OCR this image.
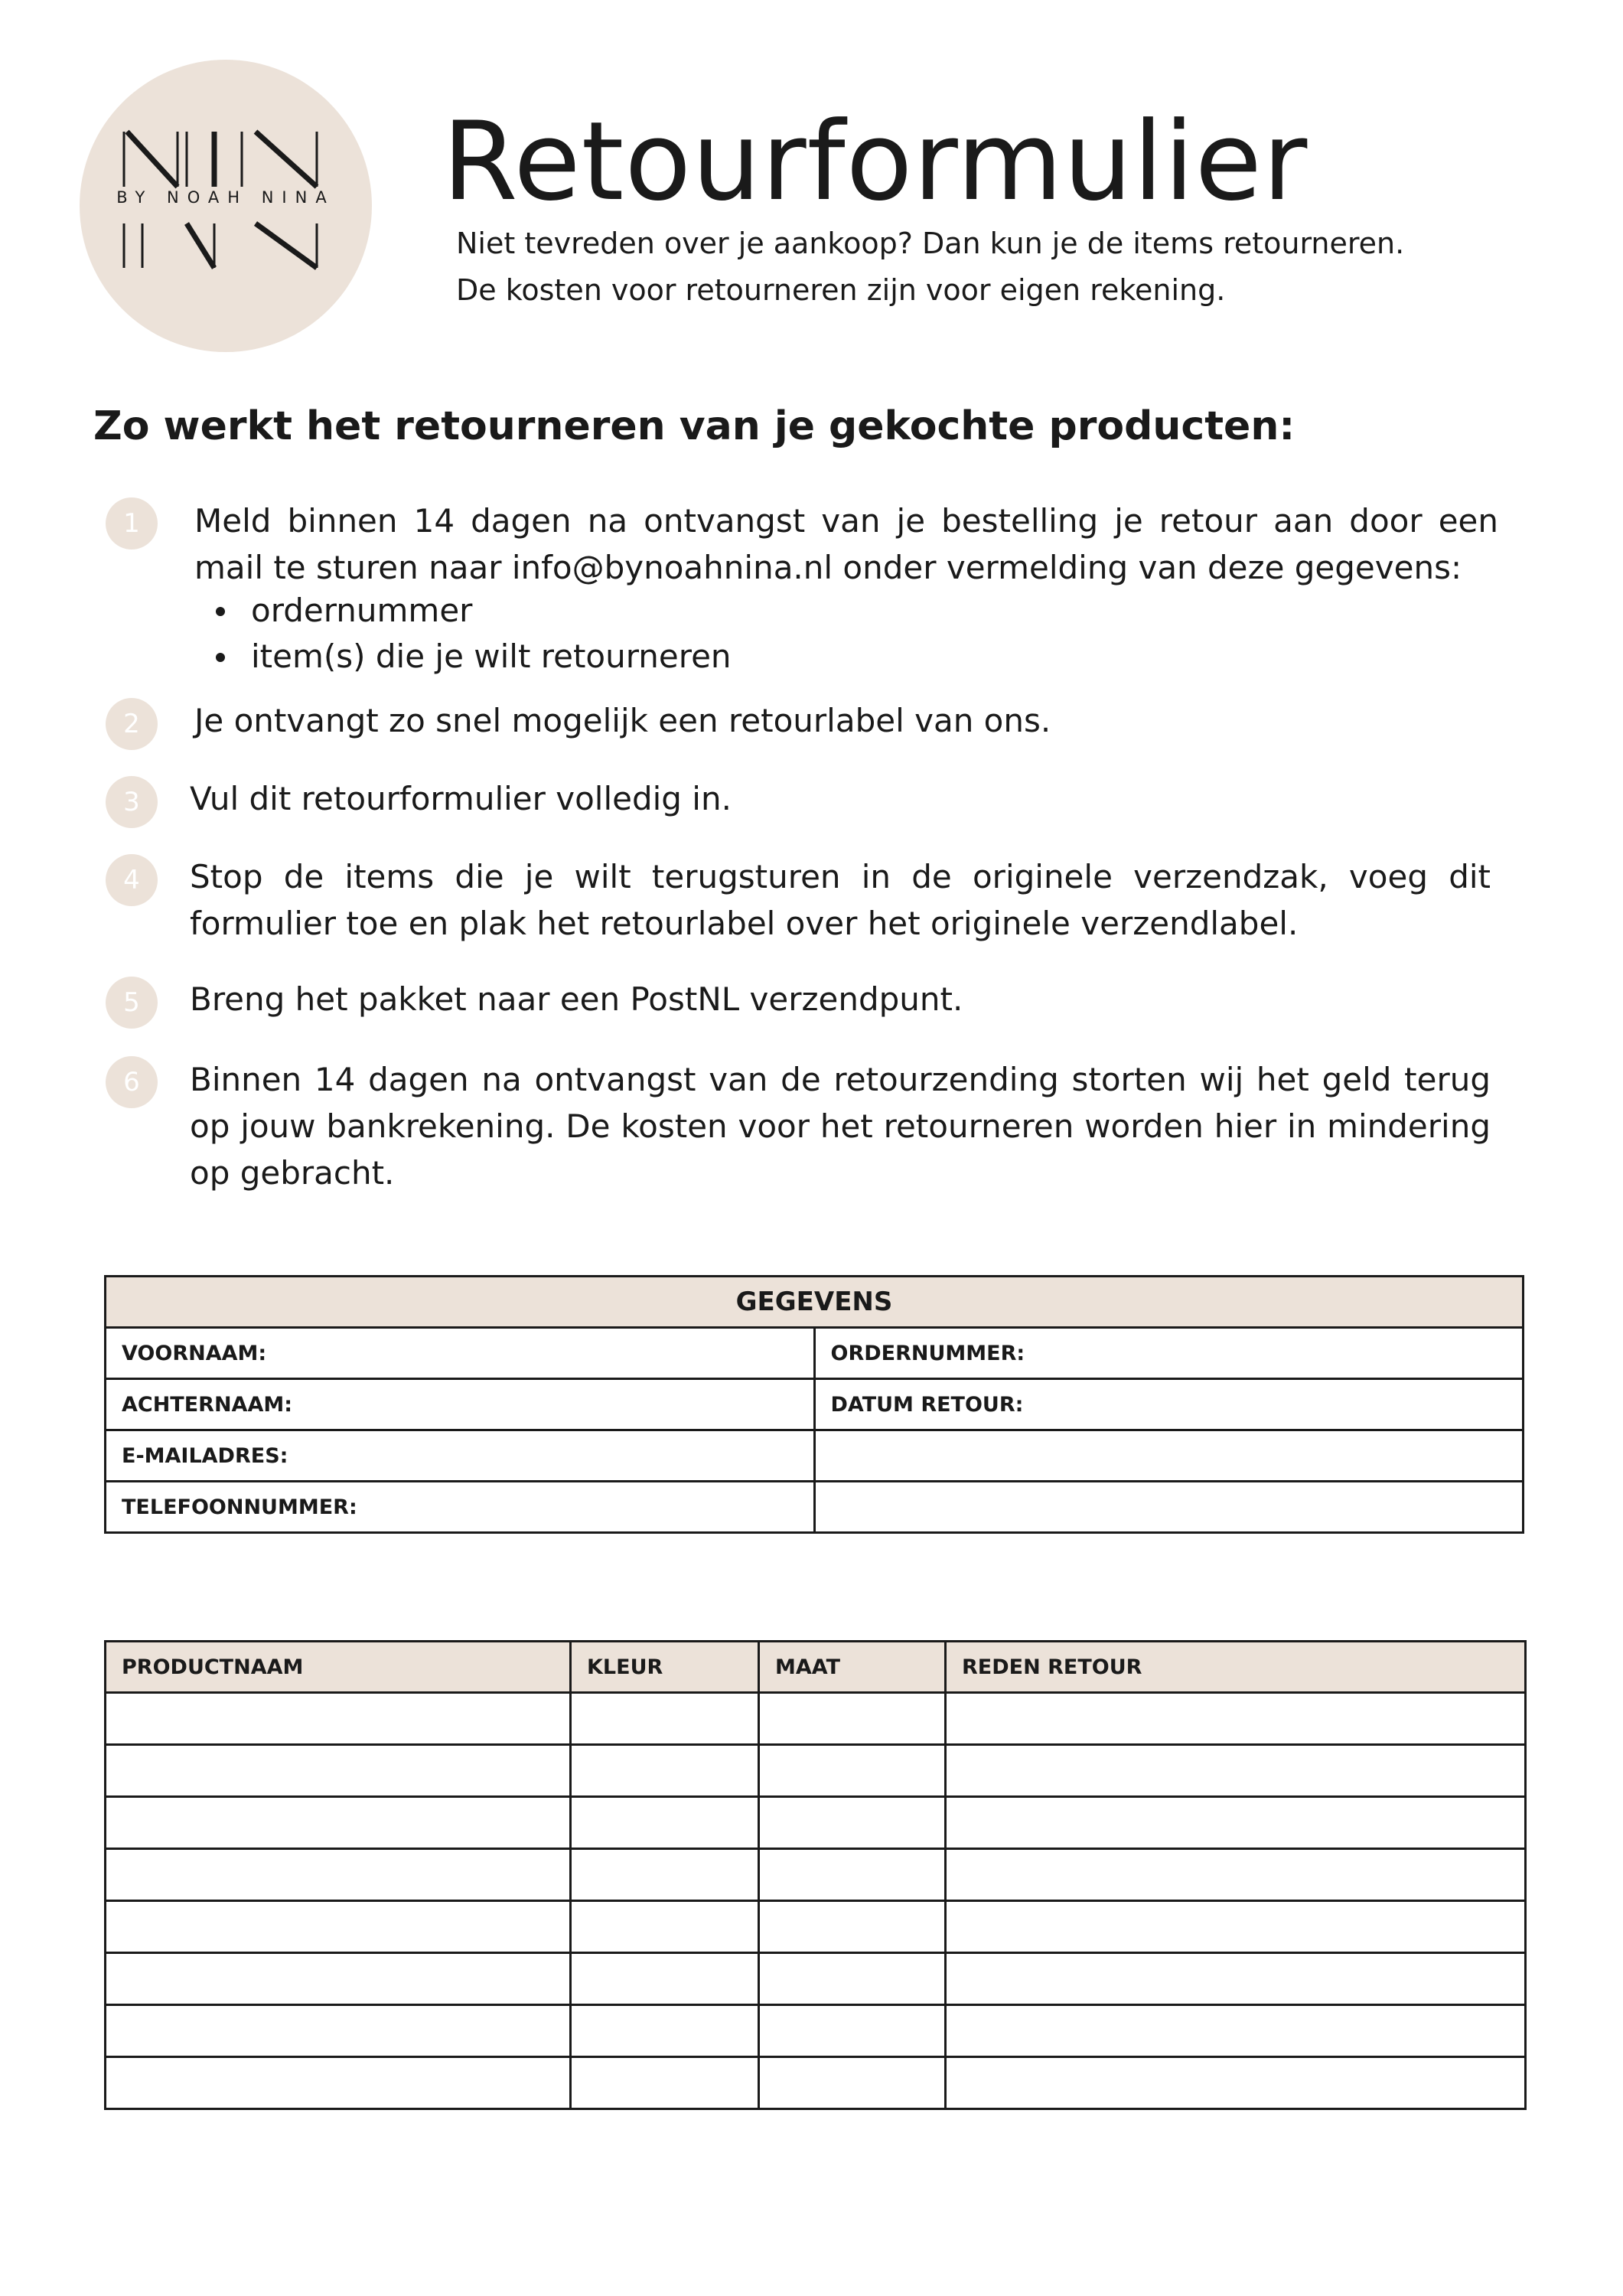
BY NOAH NINA Retourformulier
Niet tevreden over je aankoop? Dan kun je de items retourneren.
De kosten voor retourneren zijn voor eigen rekening.
Zo werkt het retourneren van je gekochte producten:
1	Meld binnen 14 dagen na ontvangst van je bestelling je retour aan door een mail te sturen naar info@bynoahnina.nl onder vermelding van deze gegevens:

ordernummer
item(s) die je wilt retourneren
2	Je ontvangt zo snel mogelijk een retourlabel van ons.

3	Vul dit retourformulier volledig in.

4	Stop de items die je wilt terugsturen in de originele verzendzak, voeg dit formulier toe en plak het retourlabel over het originele verzendlabel.

5	Breng het pakket naar een PostNL verzendpunt.

6	Binnen 14 dagen na ontvangst van de retourzending storten wij het geld terug op jouw bankrekening. De kosten voor het retourneren worden hier in mindering op gebracht.

GEGEVENS	
VOORNAAM:	ORDERNUMMER:
ACHTERNAAM:	DATUM RETOUR:
E-MAILADRES:	
TELEFOONNUMMER:	
PRODUCTNAAM	KLEUR	MAAT	REDEN RETOUR
